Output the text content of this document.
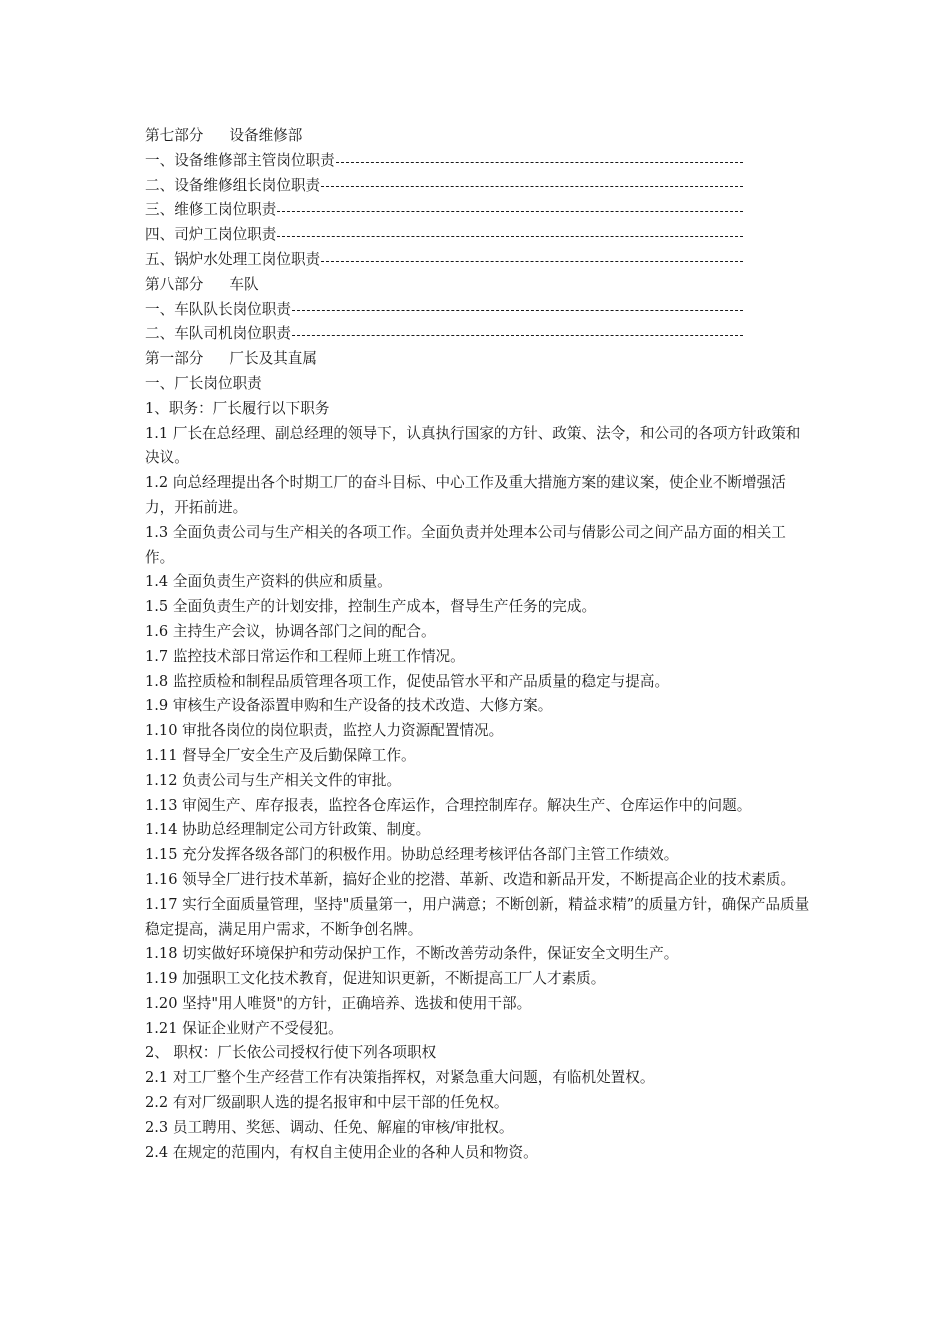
第七部分 设备维修部
一、设备维修部主管岗位职责
二、设备维修组长岗位职责
三、维修工岗位职责
四、司炉工岗位职责
五、锅炉水处理工岗位职责
第八部分 车队
一、车队队长岗位职责
二、车队司机岗位职责
第一部分 厂长及其直属
一、厂长岗位职责
1、职务：厂长履行以下职务
1.1 厂长在总经理、副总经理的领导下，认真执行国家的方针、政策、法令，和公司的各项方针政策和决议。
1.2 向总经理提出各个时期工厂的奋斗目标、中心工作及重大措施方案的建议案，使企业不断增强活力，开拓前进。
1.3 全面负责公司与生产相关的各项工作。全面负责并处理本公司与倩影公司之间产品方面的相关工作。
1.4 全面负责生产资料的供应和质量。
1.5 全面负责生产的计划安排，控制生产成本，督导生产任务的完成。
1.6 主持生产会议，协调各部门之间的配合。
1.7 监控技术部日常运作和工程师上班工作情况。
1.8 监控质检和制程品质管理各项工作，促使品管水平和产品质量的稳定与提高。
1.9 审核生产设备添置申购和生产设备的技术改造、大修方案。
1.10 审批各岗位的岗位职责，监控人力资源配置情况。
1.11 督导全厂安全生产及后勤保障工作。
1.12 负责公司与生产相关文件的审批。
1.13 审阅生产、库存报表，监控各仓库运作，合理控制库存。解决生产、仓库运作中的问题。
1.14 协助总经理制定公司方针政策、制度。
1.15 充分发挥各级各部门的积极作用。协助总经理考核评估各部门主管工作绩效。
1.16 领导全厂进行技术革新，搞好企业的挖潜、革新、改造和新品开发，不断提高企业的技术素质。
1.17 实行全面质量管理，坚持"质量第一，用户满意；不断创新，精益求精”的质量方针，确保产品质量稳定提高，满足用户需求，不断争创名牌。
1.18 切实做好环境保护和劳动保护工作，不断改善劳动条件，保证安全文明生产。
1.19 加强职工文化技术教育，促进知识更新，不断提高工厂人才素质。
1.20 坚持"用人唯贤"的方针，正确培养、选拔和使用干部。
1.21 保证企业财产不受侵犯。
2、 职权：厂长依公司授权行使下列各项职权
2.1 对工厂整个生产经营工作有决策指挥权，对紧急重大问题，有临机处置权。
2.2 有对厂级副职人选的提名报审和中层干部的任免权。
2.3 员工聘用、奖惩、调动、任免、解雇的审核/审批权。
2.4 在规定的范围内，有权自主使用企业的各种人员和物资。
